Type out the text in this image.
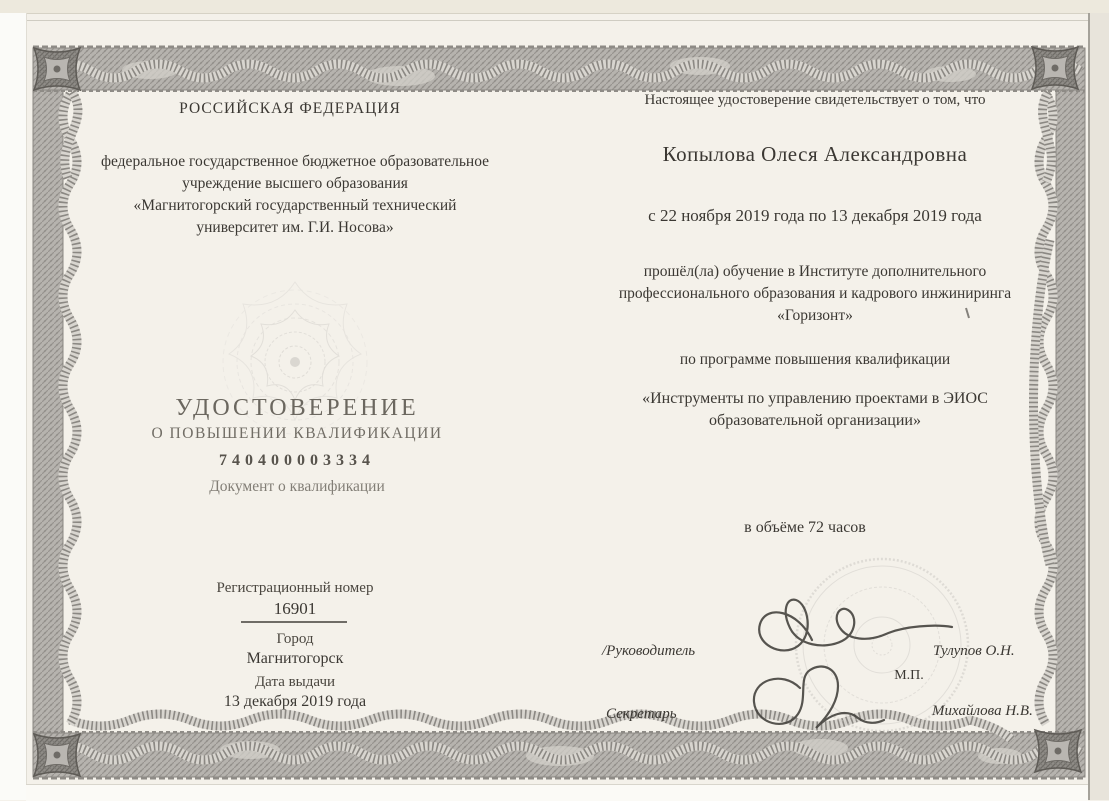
РОССИЙСКАЯ ФЕДЕРАЦИЯ
федеральное государственное бюджетное образовательное
учреждение высшего образования
«Магнитогорский государственный технический
университет им. Г.И. Носова»
УДОСТОВЕРЕНИЕ
О ПОВЫШЕНИИ КВАЛИФИКАЦИИ
740400003334
Документ о квалификации
Регистрационный номер
16901
Город
Магнитогорск
Дата выдачи
13 декабря 2019 года
Настоящее удостоверение свидетельствует о том, что
Копылова Олеся Александровна
с 22 ноября 2019 года по 13 декабря 2019 года
прошёл(ла) обучение в Институте дополнительного
профессионального образования и кадрового инжиниринга
«Горизонт»
по программе повышения квалификации
«Инструменты по управлению проектами в ЭИОС
образовательной организации»
в объёме 72 часов
/Руководитель	Тулупов О.Н.
М.П.
Секретарь	Михайлова Н.В.
